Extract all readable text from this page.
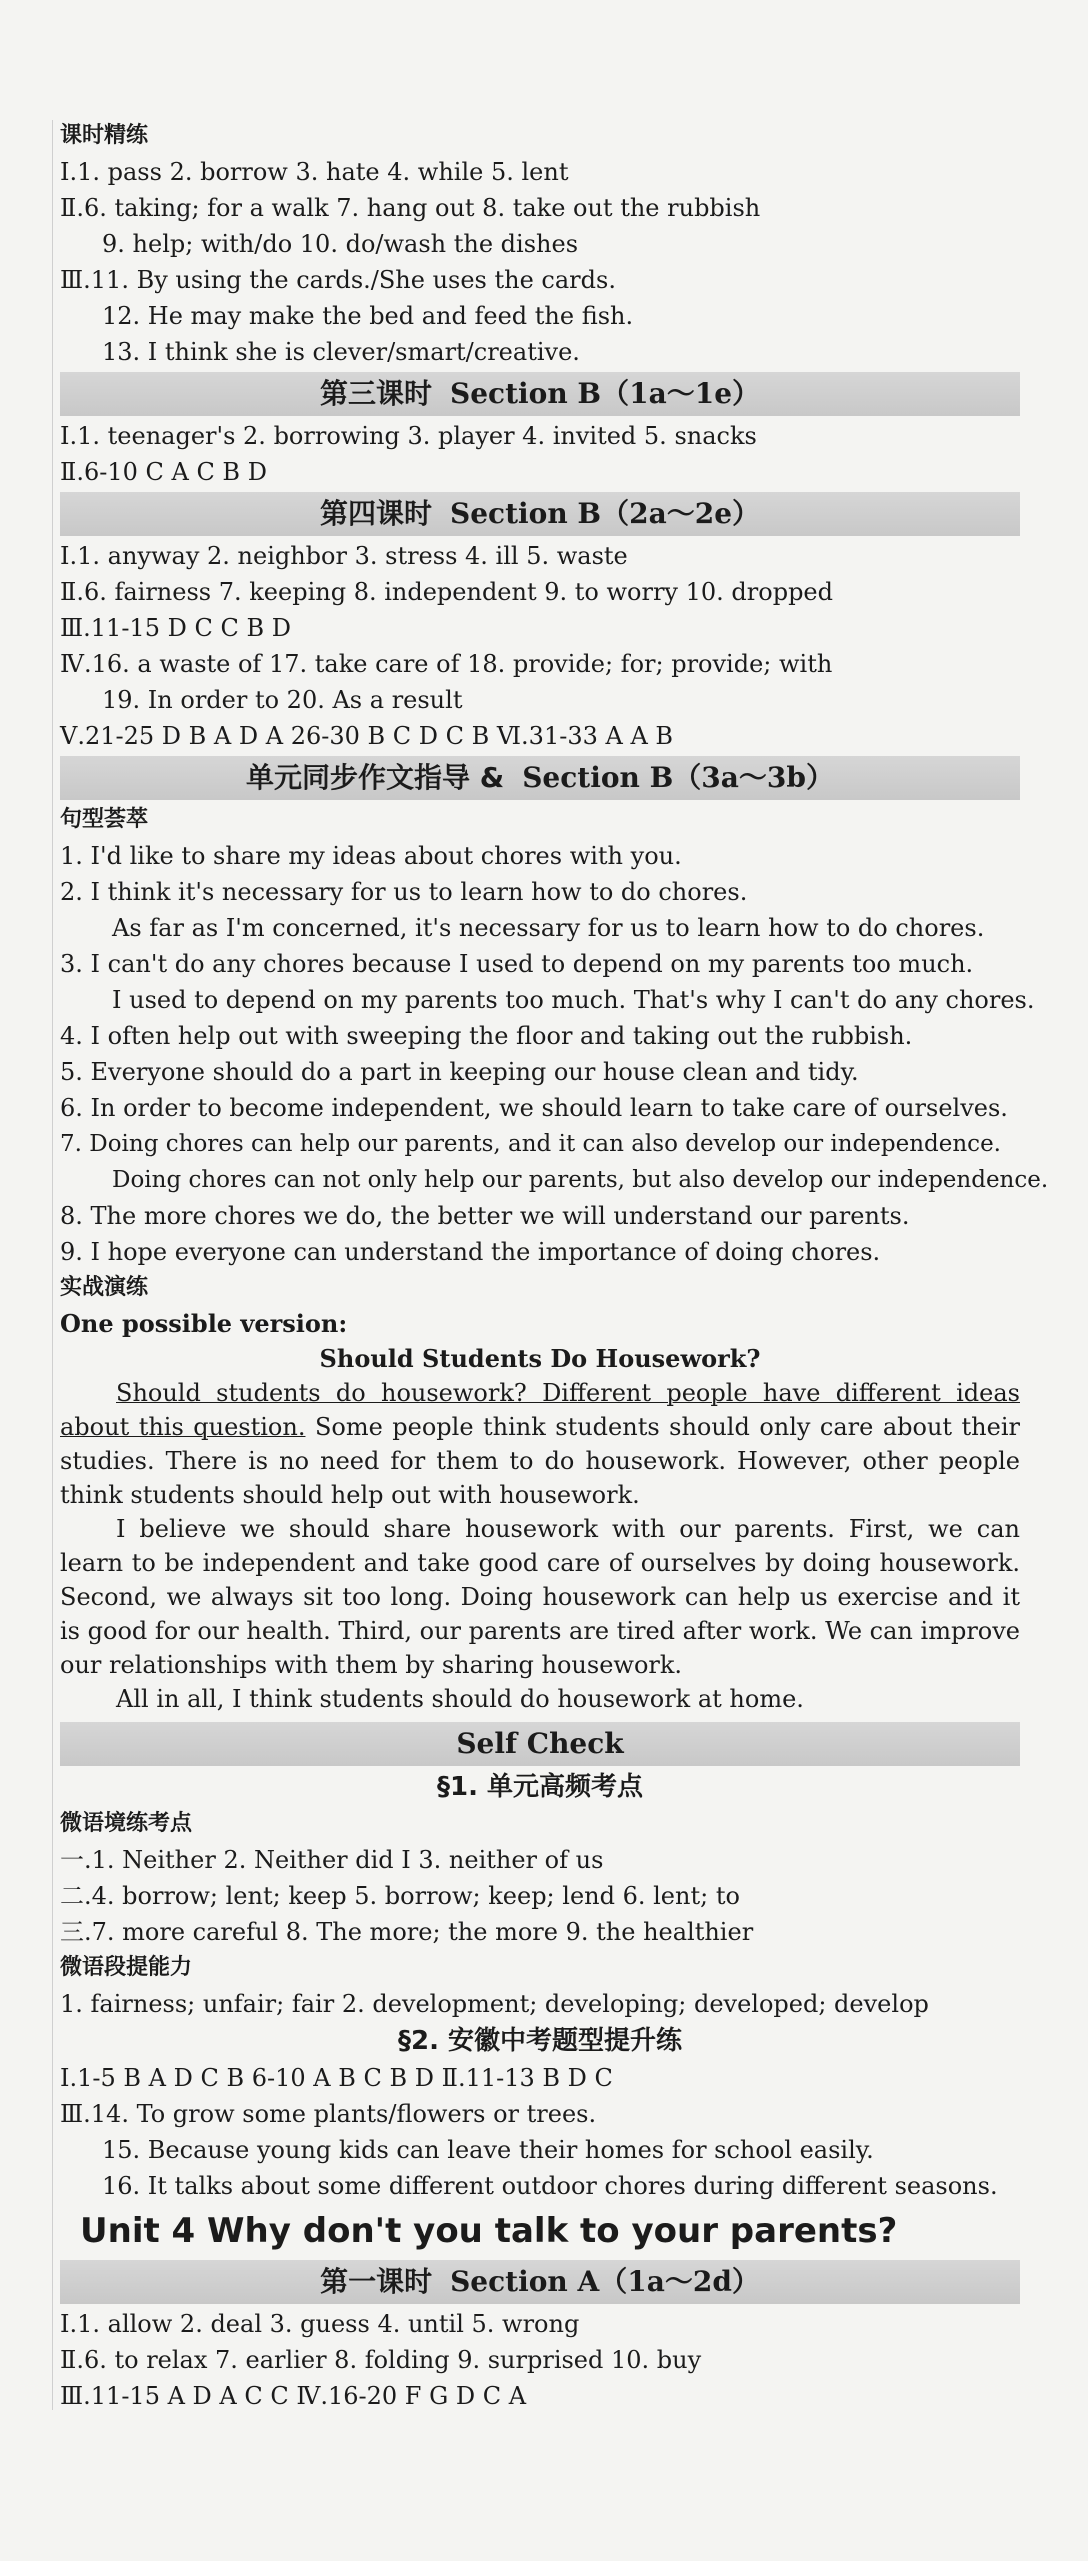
课时精练
Ⅰ.1. pass 2. borrow 3. hate 4. while 5. lent
Ⅱ.6. taking; for a walk 7. hang out 8. take out the rubbish
9. help; with/do 10. do/wash the dishes
Ⅲ.11. By using the cards./She uses the cards.
12. He may make the bed and feed the fish.
13. I think she is clever/smart/creative.
第三课时 Section B（1a～1e）
Ⅰ.1. teenager's 2. borrowing 3. player 4. invited 5. snacks
Ⅱ.6-10 C A C B D
第四课时 Section B（2a～2e）
Ⅰ.1. anyway 2. neighbor 3. stress 4. ill 5. waste
Ⅱ.6. fairness 7. keeping 8. independent 9. to worry 10. dropped
Ⅲ.11-15 D C C B D
Ⅳ.16. a waste of 17. take care of 18. provide; for; provide; with
19. In order to 20. As a result
Ⅴ.21-25 D B A D A 26-30 B C D C B Ⅵ.31-33 A A B
单元同步作文指导 & Section B（3a～3b）
句型荟萃
1. I'd like to share my ideas about chores with you.
2. I think it's necessary for us to learn how to do chores.
As far as I'm concerned, it's necessary for us to learn how to do chores.
3. I can't do any chores because I used to depend on my parents too much.
I used to depend on my parents too much. That's why I can't do any chores.
4. I often help out with sweeping the floor and taking out the rubbish.
5. Everyone should do a part in keeping our house clean and tidy.
6. In order to become independent, we should learn to take care of ourselves.
7. Doing chores can help our parents, and it can also develop our independence.
Doing chores can not only help our parents, but also develop our independence.
8. The more chores we do, the better we will understand our parents.
9. I hope everyone can understand the importance of doing chores.
实战演练
One possible version:
Should Students Do Housework?

Should students do housework? Different people have different ideas about this question. Some people think students should only care about their studies. There is no need for them to do housework. However, other people think students should help out with housework.

I believe we should share housework with our parents. First, we can learn to be independent and take good care of ourselves by doing housework. Second, we always sit too long. Doing housework can help us exercise and it is good for our health. Third, our parents are tired after work. We can improve our relationships with them by sharing housework.

All in all, I think students should do housework at home.

Self Check
§1. 单元高频考点
微语境练考点
一.1. Neither 2. Neither did I 3. neither of us
二.4. borrow; lent; keep 5. borrow; keep; lend 6. lent; to
三.7. more careful 8. The more; the more 9. the healthier
微语段提能力
1. fairness; unfair; fair 2. development; developing; developed; develop
§2. 安徽中考题型提升练
Ⅰ.1-5 B A D C B 6-10 A B C B D Ⅱ.11-13 B D C
Ⅲ.14. To grow some plants/flowers or trees.
15. Because young kids can leave their homes for school easily.
16. It talks about some different outdoor chores during different seasons.
Unit 4 Why don't you talk to your parents?
第一课时 Section A（1a～2d）
Ⅰ.1. allow 2. deal 3. guess 4. until 5. wrong
Ⅱ.6. to relax 7. earlier 8. folding 9. surprised 10. buy
Ⅲ.11-15 A D A C C Ⅳ.16-20 F G D C A
